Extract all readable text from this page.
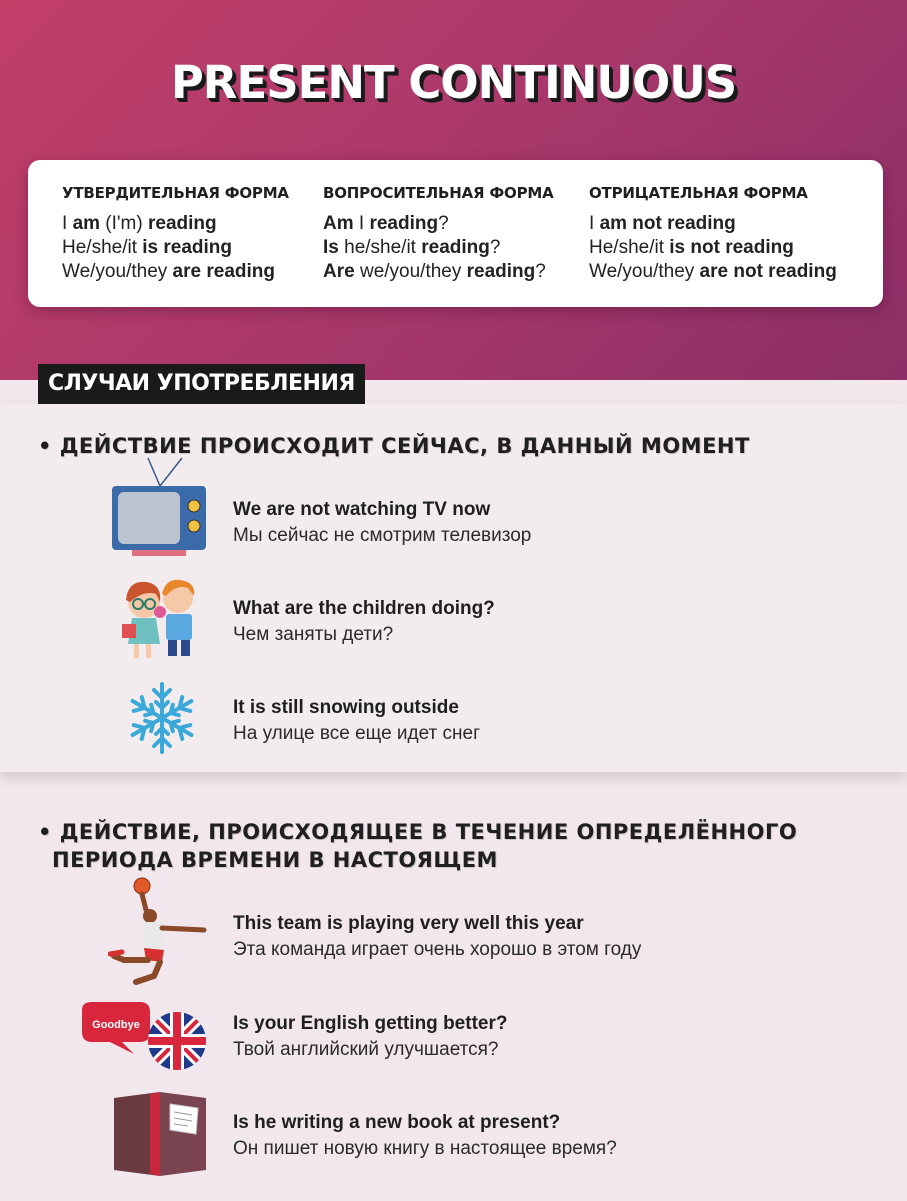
PRESENT CONTINUOUS
УТВЕРДИТЕЛЬНАЯ ФОРМА
I am (I'm) reading
He/she/it is reading
We/you/they are reading
ВОПРОСИТЕЛЬНАЯ ФОРМА
Am I reading?
Is he/she/it reading?
Are we/you/they reading?
ОТРИЦАТЕЛЬНАЯ ФОРМА
I am not reading
He/she/it is not reading
We/you/they are not reading
СЛУЧАИ УПОТРЕБЛЕНИЯ
• ДЕЙСТВИЕ ПРОИСХОДИТ СЕЙЧАС, В ДАННЫЙ МОМЕНТ
We are not watching TV now
Мы сейчас не смотрим телевизор
What are the children doing?
Чем заняты дети?
It is still snowing outside
На улице все еще идет снег
• ДЕЙСТВИЕ, ПРОИСХОДЯЩЕЕ В ТЕЧЕНИЕ ОПРЕДЕЛЁННОГО
ПЕРИОДА ВРЕМЕНИ В НАСТОЯЩЕМ
This team is playing very well this year
Эта команда играет очень хорошо в этом году
Goodbye	Is your English getting better?
Твой английский улучшается?
Is he writing a new book at present?
Он пишет новую книгу в настоящее время?
